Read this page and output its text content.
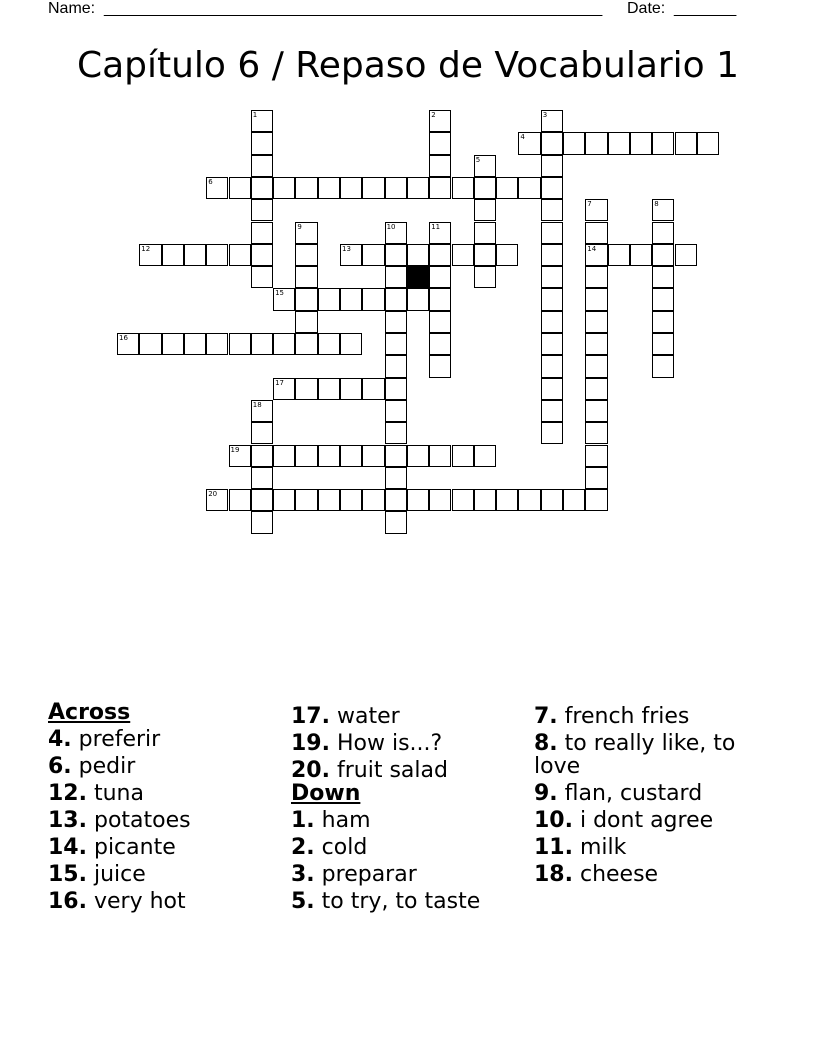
Name: ________________________________________________________ Date: _______
Capítulo 6 / Repaso de Vocabulario 1
1	2	3
5
7
14
8
9	10	11
18
4
6
12	13
15
16
17
19
20
Across
4. preferir
6. pedir
12. tuna
13. potatoes
14. picante
15. juice
16. very hot
17. water
19. How is...?
20. fruit salad
Down
1. ham
2. cold
3. preparar
5. to try, to taste
7. french fries
8. to really like, to love
9. flan, custard
10. i dont agree
11. milk
18. cheese
